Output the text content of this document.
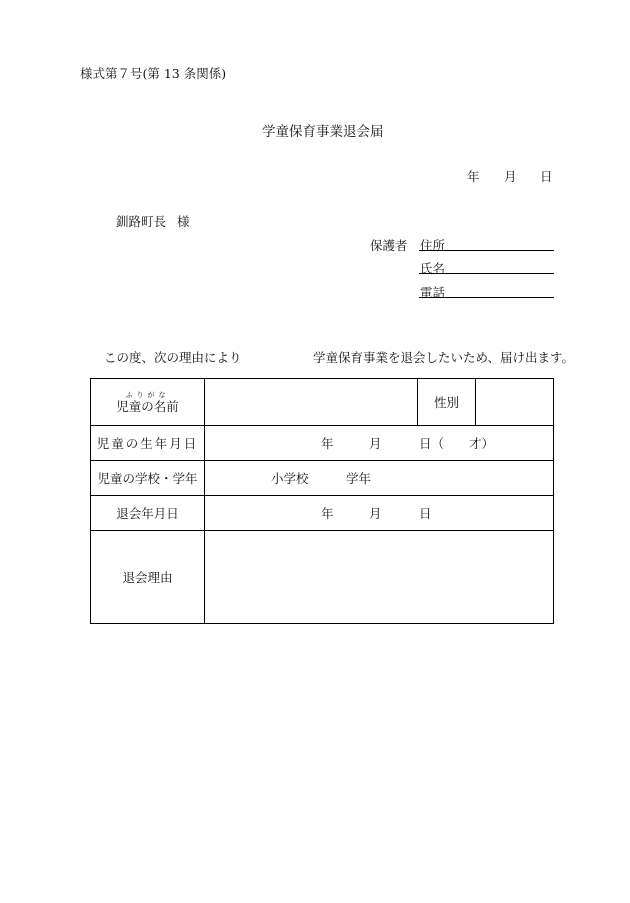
様式第７号(第 13 条関係)
学童保育事業退会届
年 月 日
釧路町長 様
保護者 住所
氏名
電話
この度、次の理由により	学童保育事業を退会したいため、届け出ます。
ふりがな
児童の名前		性別	
児童の生年月日	年 月 日（　　才）		

児童の学校・学年	小学校 学年		

退会年月日	年 月 日		

退会理由			
